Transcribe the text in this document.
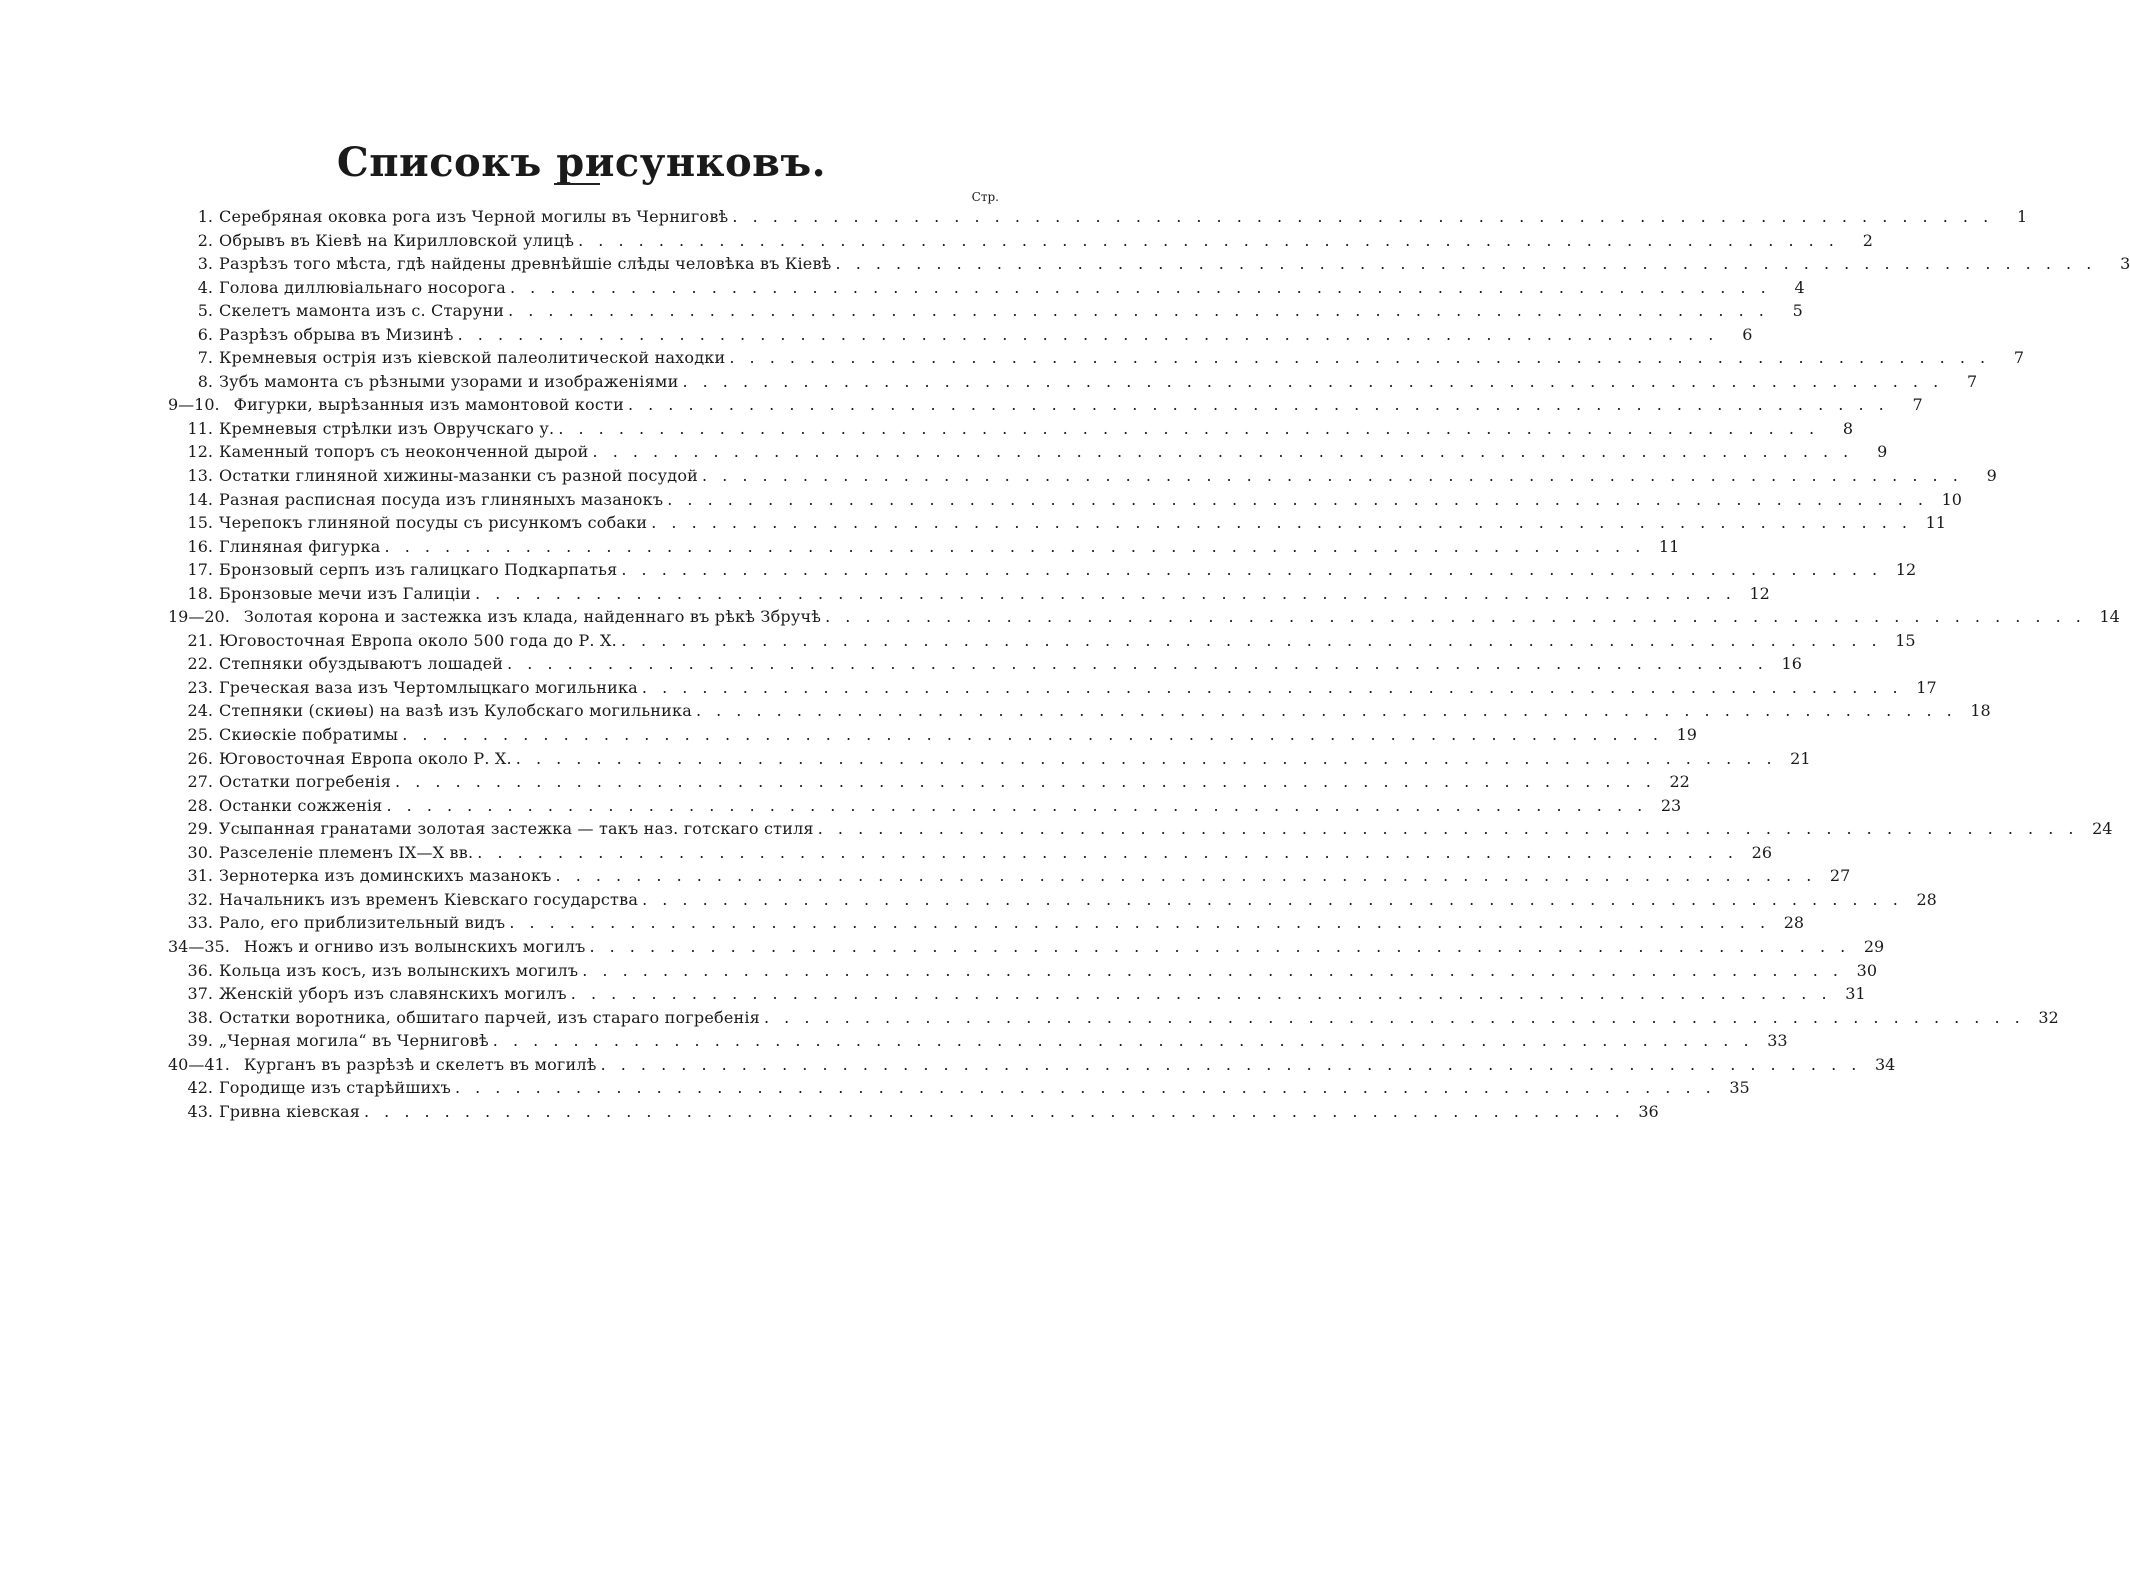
Списокъ рисунковъ.
Стр.
1. Серебряная оковка рога изъ Черной могилы въ Черниговѣ . . .	1
2. Обрывъ въ Кіевѣ на Кирилловской улицѣ . . .	2
3. Разрѣзъ того мѣста, гдѣ найдены древнѣйшіе слѣды человѣка въ Кіевѣ . . .	3
4. Голова диллювіальнаго носорога . . .	4
5. Скелетъ мамонта изъ с. Старуни . . .	5
6. Разрѣзъ обрыва въ Мизинѣ . . .	6
7. Кремневыя острія изъ кіевской палеолитической находки . . .	7
8. Зубъ мамонта съ рѣзными узорами и изображеніями . . .	7
9—10. Фигурки, вырѣзанныя изъ мамонтовой кости . . .	7
11. Кремневыя стрѣлки изъ Овручскаго у. . . .	8
12. Каменный топоръ съ неоконченной дырой . . .	9
13. Остатки глиняной хижины-мазанки съ разной посудой . . .	9
14. Разная расписная посуда изъ глиняныхъ мазанокъ . . .	10
15. Черепокъ глиняной посуды съ рисункомъ собаки . . .	11
16. Глиняная фигурка . . .	11
17. Бронзовый серпъ изъ галицкаго Подкарпатья . . .	12
18. Бронзовые мечи изъ Галиціи . . .	12
19—20. Золотая корона и застежка изъ клада, найденнаго въ рѣкѣ Збручѣ . . .	14
21. Юговосточная Европа около 500 года до Р. Х. . . .	15
22. Степняки обуздываютъ лошадей . . .	16
23. Греческая ваза изъ Чертомлыцкаго могильника . . .	17
24. Степняки (скиөы) на вазѣ изъ Кулобскаго могильника . . .	18
25. Скиөскіе побратимы . . .	19
26. Юговосточная Европа около Р. Х. . . .	21
27. Остатки погребенія . . .	22
28. Останки сожженія . . .	23
29. Усыпанная гранатами золотая застежка — такъ наз. готскаго стиля . . .	24
30. Разселеніе племенъ IX—X вв. . . .	26
31. Зернотерка изъ доминскихъ мазанокъ . . .	27
32. Начальникъ изъ временъ Кіевскаго государства . . .	28
33. Рало, его приблизительный видъ . . .	28
34—35. Ножъ и огниво изъ волынскихъ могилъ . . .	29
36. Кольца изъ косъ, изъ волынскихъ могилъ . . .	30
37. Женскій уборъ изъ славянскихъ могилъ . . .	31
38. Остатки воротника, обшитаго парчей, изъ стараго погребенія . . .	32
39. „Черная могила“ въ Черниговѣ . . .	33
40—41. Курганъ въ разрѣзѣ и скелетъ въ могилѣ . . .	34
42. Городище изъ старѣйшихъ . . .	35
43. Гривна кіевская . . .	36
